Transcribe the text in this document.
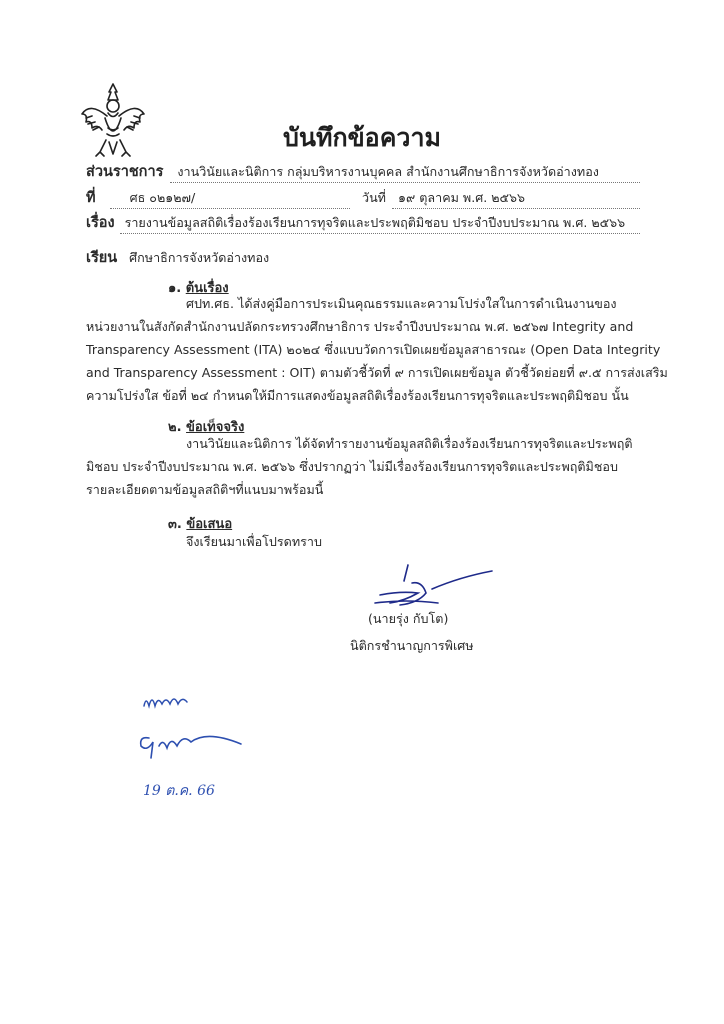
บันทึกข้อความ
ส่วนราชการ งานวินัยและนิติการ กลุ่มบริหารงานบุคคล สำนักงานศึกษาธิการจังหวัดอ่างทอง
ที่	ศธ ๐๒๑๒๗/	วันที่ ๑๙ ตุลาคม พ.ศ. ๒๕๖๖
เรื่อง รายงานข้อมูลสถิติเรื่องร้องเรียนการทุจริตและประพฤติมิชอบ ประจำปีงบประมาณ พ.ศ. ๒๕๖๖
เรียน ศึกษาธิการจังหวัดอ่างทอง
๑. ต้นเรื่อง
ศปท.ศธ. ได้ส่งคู่มือการประเมินคุณธรรมและความโปร่งใสในการดำเนินงานของ
หน่วยงานในสังกัดสำนักงานปลัดกระทรวงศึกษาธิการ ประจำปีงบประมาณ พ.ศ. ๒๕๖๗ Integrity and
Transparency Assessment (ITA) ๒๐๒๔ ซึ่งแบบวัดการเปิดเผยข้อมูลสาธารณะ (Open Data Integrity
and Transparency Assessment : OIT) ตามตัวชี้วัดที่ ๙ การเปิดเผยข้อมูล ตัวชี้วัดย่อยที่ ๙.๕ การส่งเสริม
ความโปร่งใส ข้อที่ ๒๔ กำหนดให้มีการแสดงข้อมูลสถิติเรื่องร้องเรียนการทุจริตและประพฤติมิชอบ นั้น
๒. ข้อเท็จจริง
งานวินัยและนิติการ ได้จัดทำรายงานข้อมูลสถิติเรื่องร้องเรียนการทุจริตและประพฤติ
มิชอบ ประจำปีงบประมาณ พ.ศ. ๒๕๖๖ ซึ่งปรากฏว่า ไม่มีเรื่องร้องเรียนการทุจริตและประพฤติมิชอบ
รายละเอียดตามข้อมูลสถิติฯที่แนบมาพร้อมนี้
๓. ข้อเสนอ
จึงเรียนมาเพื่อโปรดทราบ
(นายรุ่ง กับโต)
นิติกรชำนาญการพิเศษ
19 ต.ค. 66
